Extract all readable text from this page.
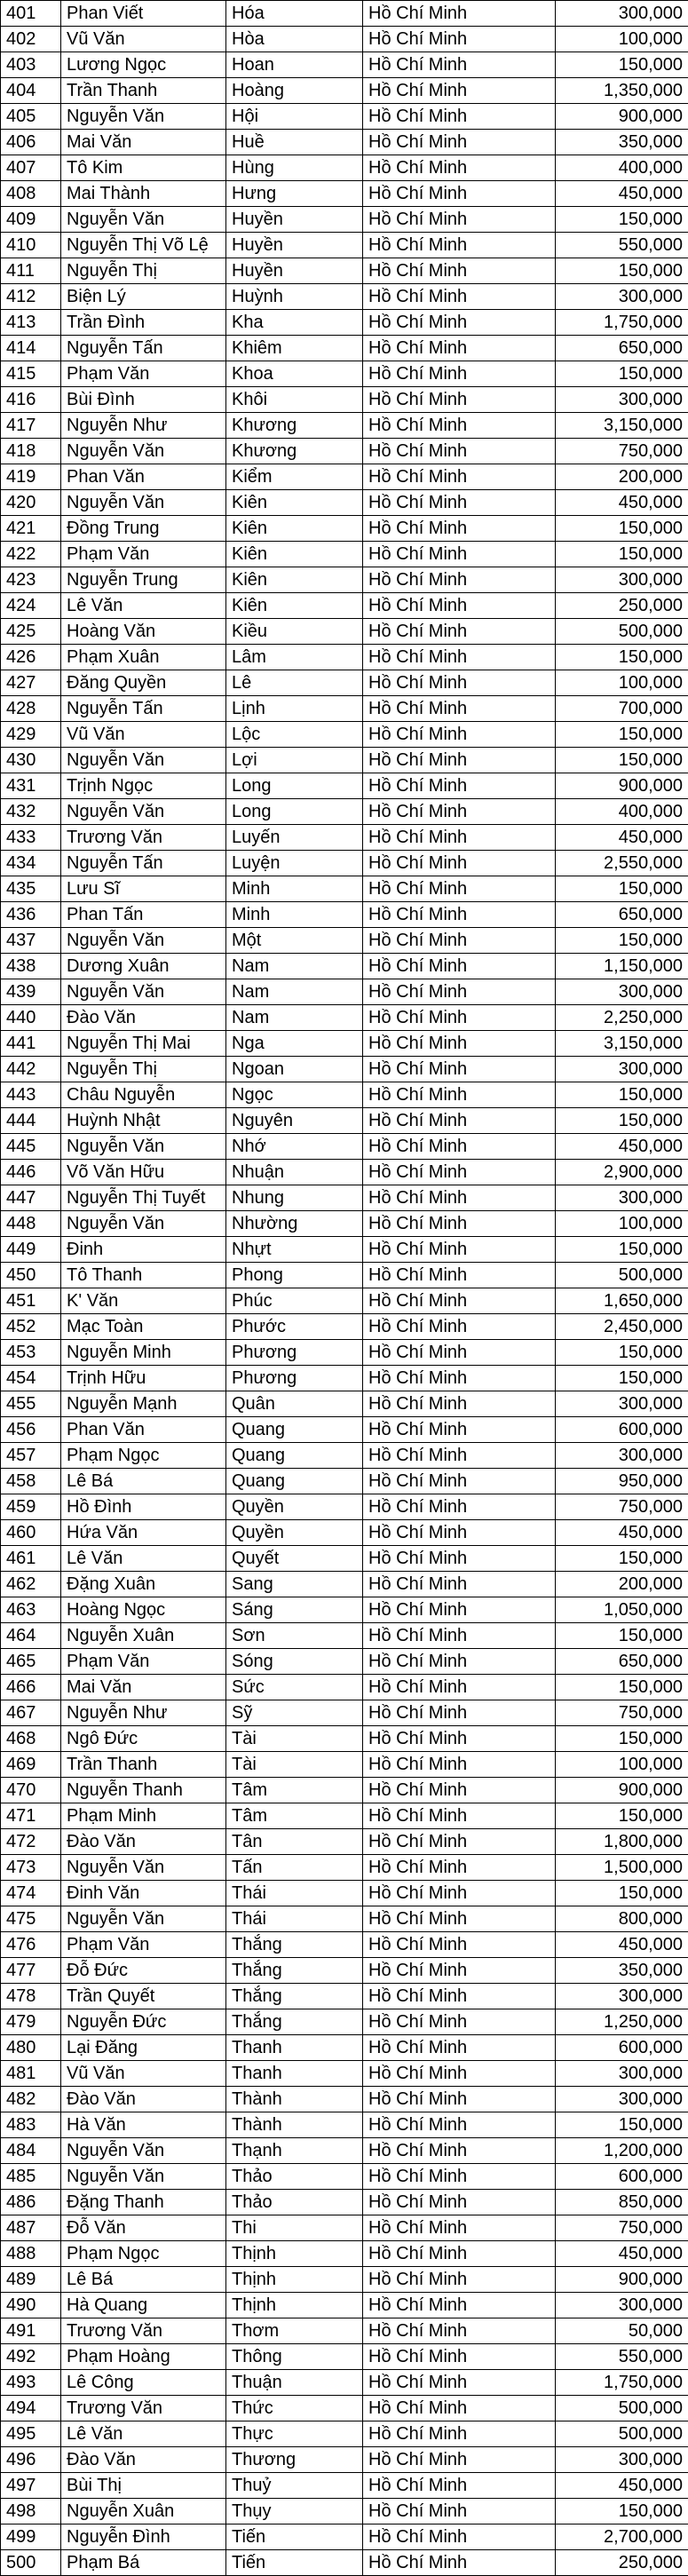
401	Phan Viết	Hóa	Hồ Chí Minh	300,000
402	Vũ Văn	Hòa	Hồ Chí Minh	100,000
403	Lương Ngọc	Hoan	Hồ Chí Minh	150,000
404	Trần Thanh	Hoàng	Hồ Chí Minh	1,350,000
405	Nguyễn Văn	Hội	Hồ Chí Minh	900,000
406	Mai Văn	Huề	Hồ Chí Minh	350,000
407	Tô Kim	Hùng	Hồ Chí Minh	400,000
408	Mai Thành	Hưng	Hồ Chí Minh	450,000
409	Nguyễn Văn	Huyền	Hồ Chí Minh	150,000
410	Nguyễn Thị Võ Lệ	Huyền	Hồ Chí Minh	550,000
411	Nguyễn Thị	Huyền	Hồ Chí Minh	150,000
412	Biện Lý	Huỳnh	Hồ Chí Minh	300,000
413	Trần Đình	Kha	Hồ Chí Minh	1,750,000
414	Nguyễn Tấn	Khiêm	Hồ Chí Minh	650,000
415	Phạm Văn	Khoa	Hồ Chí Minh	150,000
416	Bùi Đình	Khôi	Hồ Chí Minh	300,000
417	Nguyễn Như	Khương	Hồ Chí Minh	3,150,000
418	Nguyễn Văn	Khương	Hồ Chí Minh	750,000
419	Phan Văn	Kiểm	Hồ Chí Minh	200,000
420	Nguyễn Văn	Kiên	Hồ Chí Minh	450,000
421	Đồng Trung	Kiên	Hồ Chí Minh	150,000
422	Phạm Văn	Kiên	Hồ Chí Minh	150,000
423	Nguyễn Trung	Kiên	Hồ Chí Minh	300,000
424	Lê Văn	Kiên	Hồ Chí Minh	250,000
425	Hoàng Văn	Kiều	Hồ Chí Minh	500,000
426	Phạm Xuân	Lâm	Hồ Chí Minh	150,000
427	Đăng Quyền	Lê	Hồ Chí Minh	100,000
428	Nguyễn Tấn	Lịnh	Hồ Chí Minh	700,000
429	Vũ Văn	Lộc	Hồ Chí Minh	150,000
430	Nguyễn Văn	Lợi	Hồ Chí Minh	150,000
431	Trịnh Ngọc	Long	Hồ Chí Minh	900,000
432	Nguyễn Văn	Long	Hồ Chí Minh	400,000
433	Trương Văn	Luyến	Hồ Chí Minh	450,000
434	Nguyễn Tấn	Luyện	Hồ Chí Minh	2,550,000
435	Lưu Sĩ	Minh	Hồ Chí Minh	150,000
436	Phan Tấn	Minh	Hồ Chí Minh	650,000
437	Nguyễn Văn	Một	Hồ Chí Minh	150,000
438	Dương Xuân	Nam	Hồ Chí Minh	1,150,000
439	Nguyễn Văn	Nam	Hồ Chí Minh	300,000
440	Đào Văn	Nam	Hồ Chí Minh	2,250,000
441	Nguyễn Thị Mai	Nga	Hồ Chí Minh	3,150,000
442	Nguyễn Thị	Ngoan	Hồ Chí Minh	300,000
443	Châu Nguyễn	Ngọc	Hồ Chí Minh	150,000
444	Huỳnh Nhật	Nguyên	Hồ Chí Minh	150,000
445	Nguyễn Văn	Nhớ	Hồ Chí Minh	450,000
446	Võ Văn Hữu	Nhuận	Hồ Chí Minh	2,900,000
447	Nguyễn Thị Tuyết	Nhung	Hồ Chí Minh	300,000
448	Nguyễn Văn	Nhường	Hồ Chí Minh	100,000
449	Đinh	Nhựt	Hồ Chí Minh	150,000
450	Tô Thanh	Phong	Hồ Chí Minh	500,000
451	K' Văn	Phúc	Hồ Chí Minh	1,650,000
452	Mạc Toàn	Phước	Hồ Chí Minh	2,450,000
453	Nguyễn Minh	Phương	Hồ Chí Minh	150,000
454	Trịnh Hữu	Phương	Hồ Chí Minh	150,000
455	Nguyễn Mạnh	Quân	Hồ Chí Minh	300,000
456	Phan Văn	Quang	Hồ Chí Minh	600,000
457	Phạm Ngọc	Quang	Hồ Chí Minh	300,000
458	Lê Bá	Quang	Hồ Chí Minh	950,000
459	Hồ Đình	Quyền	Hồ Chí Minh	750,000
460	Hứa Văn	Quyền	Hồ Chí Minh	450,000
461	Lê Văn	Quyết	Hồ Chí Minh	150,000
462	Đặng Xuân	Sang	Hồ Chí Minh	200,000
463	Hoàng Ngọc	Sáng	Hồ Chí Minh	1,050,000
464	Nguyễn Xuân	Sơn	Hồ Chí Minh	150,000
465	Phạm Văn	Sóng	Hồ Chí Minh	650,000
466	Mai Văn	Sức	Hồ Chí Minh	150,000
467	Nguyễn Như	Sỹ	Hồ Chí Minh	750,000
468	Ngô Đức	Tài	Hồ Chí Minh	150,000
469	Trần Thanh	Tài	Hồ Chí Minh	100,000
470	Nguyễn Thanh	Tâm	Hồ Chí Minh	900,000
471	Phạm Minh	Tâm	Hồ Chí Minh	150,000
472	Đào Văn	Tân	Hồ Chí Minh	1,800,000
473	Nguyễn Văn	Tấn	Hồ Chí Minh	1,500,000
474	Đinh Văn	Thái	Hồ Chí Minh	150,000
475	Nguyễn Văn	Thái	Hồ Chí Minh	800,000
476	Phạm Văn	Thắng	Hồ Chí Minh	450,000
477	Đỗ Đức	Thắng	Hồ Chí Minh	350,000
478	Trần Quyết	Thắng	Hồ Chí Minh	300,000
479	Nguyễn Đức	Thắng	Hồ Chí Minh	1,250,000
480	Lại Đăng	Thanh	Hồ Chí Minh	600,000
481	Vũ Văn	Thanh	Hồ Chí Minh	300,000
482	Đào Văn	Thành	Hồ Chí Minh	300,000
483	Hà Văn	Thành	Hồ Chí Minh	150,000
484	Nguyễn Văn	Thạnh	Hồ Chí Minh	1,200,000
485	Nguyễn Văn	Thảo	Hồ Chí Minh	600,000
486	Đặng Thanh	Thảo	Hồ Chí Minh	850,000
487	Đỗ Văn	Thi	Hồ Chí Minh	750,000
488	Phạm Ngọc	Thịnh	Hồ Chí Minh	450,000
489	Lê Bá	Thịnh	Hồ Chí Minh	900,000
490	Hà Quang	Thịnh	Hồ Chí Minh	300,000
491	Trương Văn	Thơm	Hồ Chí Minh	50,000
492	Phạm Hoàng	Thông	Hồ Chí Minh	550,000
493	Lê Công	Thuận	Hồ Chí Minh	1,750,000
494	Trương Văn	Thức	Hồ Chí Minh	500,000
495	Lê Văn	Thực	Hồ Chí Minh	500,000
496	Đào Văn	Thương	Hồ Chí Minh	300,000
497	Bùi Thị	Thuỷ	Hồ Chí Minh	450,000
498	Nguyễn Xuân	Thụy	Hồ Chí Minh	150,000
499	Nguyễn Đình	Tiến	Hồ Chí Minh	2,700,000
500	Phạm Bá	Tiến	Hồ Chí Minh	250,000
